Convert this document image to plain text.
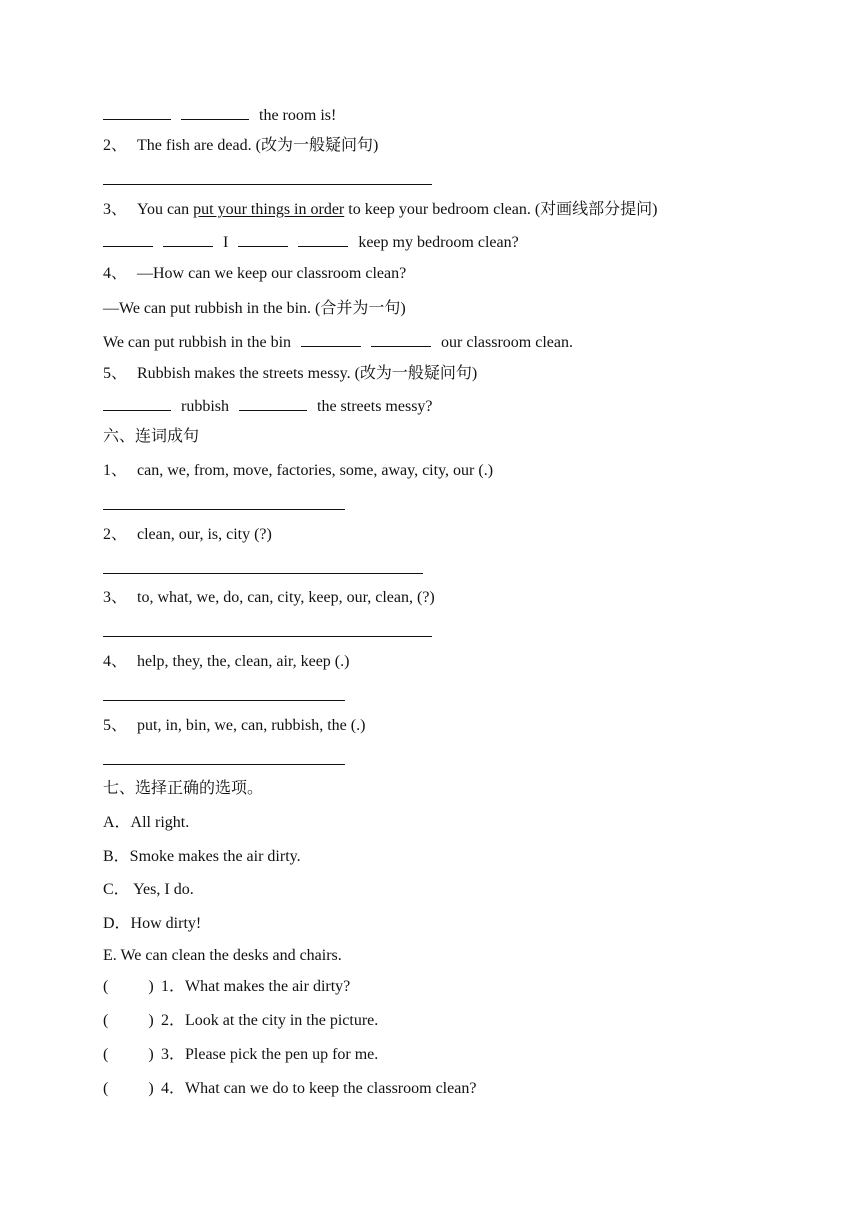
the room is!
2、 The fish are dead. (改为一般疑问句)
3、 You can put your things in order to keep your bedroom clean. (对画线部分提问)
I	keep my bedroom clean?
4、 —How can we keep our classroom clean?
—We can put rubbish in the bin. (合并为一句)
We can put rubbish in the bin	our classroom clean.
5、 Rubbish makes the streets messy. (改为一般疑问句)
rubbish	the streets messy?
六、连词成句
1、 can, we, from, move, factories, some, away, city, our (.)
2、 clean, our, is, city (?)
3、 to, what, we, do, can, city, keep, our, clean, (?)
4、 help, they, the, clean, air, keep (.)
5、 put, in, bin, we, can, rubbish, the (.)
七、选择正确的选项。
A．All right.
B．Smoke makes the air dirty.
C． Yes, I do.
D．How dirty!
E. We can clean the desks and chairs.
(          ) 1．What makes the air dirty?
(          ) 2．Look at the city in the picture.
(          ) 3．Please pick the pen up for me.
(          ) 4．What can we do to keep the classroom clean?
